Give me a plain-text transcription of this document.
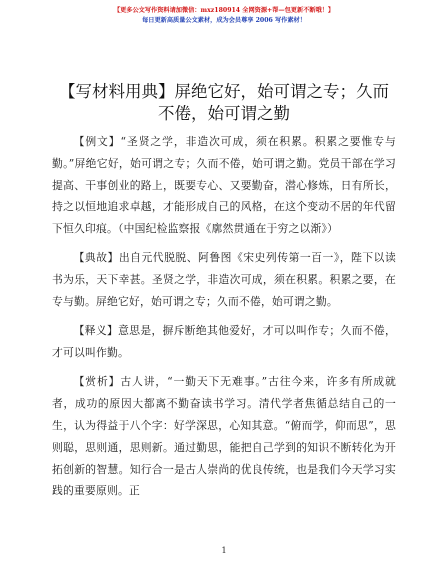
【更多公文写作资料请加微信：mxz180914 全网资源+帮—包更新不断哦！】
每日更新高质量公文素材，成为会员尊享 2006 写作素材！
【写材料用典】屏绝它好，始可谓之专；久而不倦，始可谓之勤

【例文】“圣贤之学，非造次可成，须在积累。积累之要惟专与勤。”屏绝它好，始可谓之专；久而不倦，始可谓之勤。党员干部在学习提高、干事创业的路上，既要专心、又要勤奋，潜心修炼，日有所长，持之以恒地追求卓越，才能形成自己的风格，在这个变动不居的年代留下恒久印痕。（中国纪检监察报《廓然贯通在于穷之以渐》）

【典故】出自元代脱脱、阿鲁图《宋史列传第一百一》，陛下以读书为乐，天下幸甚。圣贤之学，非造次可成，须在积累。积累之要，在专与勤。屏绝它好，始可谓之专；久而不倦，始可谓之勤。

【释义】意思是，摒斥断绝其他爱好，才可以叫作专；久而不倦，才可以叫作勤。

【赏析】古人讲，“一勤天下无难事。”古往今来，许多有所成就者，成功的原因大都离不勤奋读书学习。清代学者焦循总结自己的一生，认为得益于八个字：好学深思，心知其意。“俯而学，仰而思”，思则聪，思则通，思则新。通过勤思，能把自己学到的知识不断转化为开拓创新的智慧。知行合一是古人崇尚的优良传统，也是我们今天学习实践的重要原则。正

1
